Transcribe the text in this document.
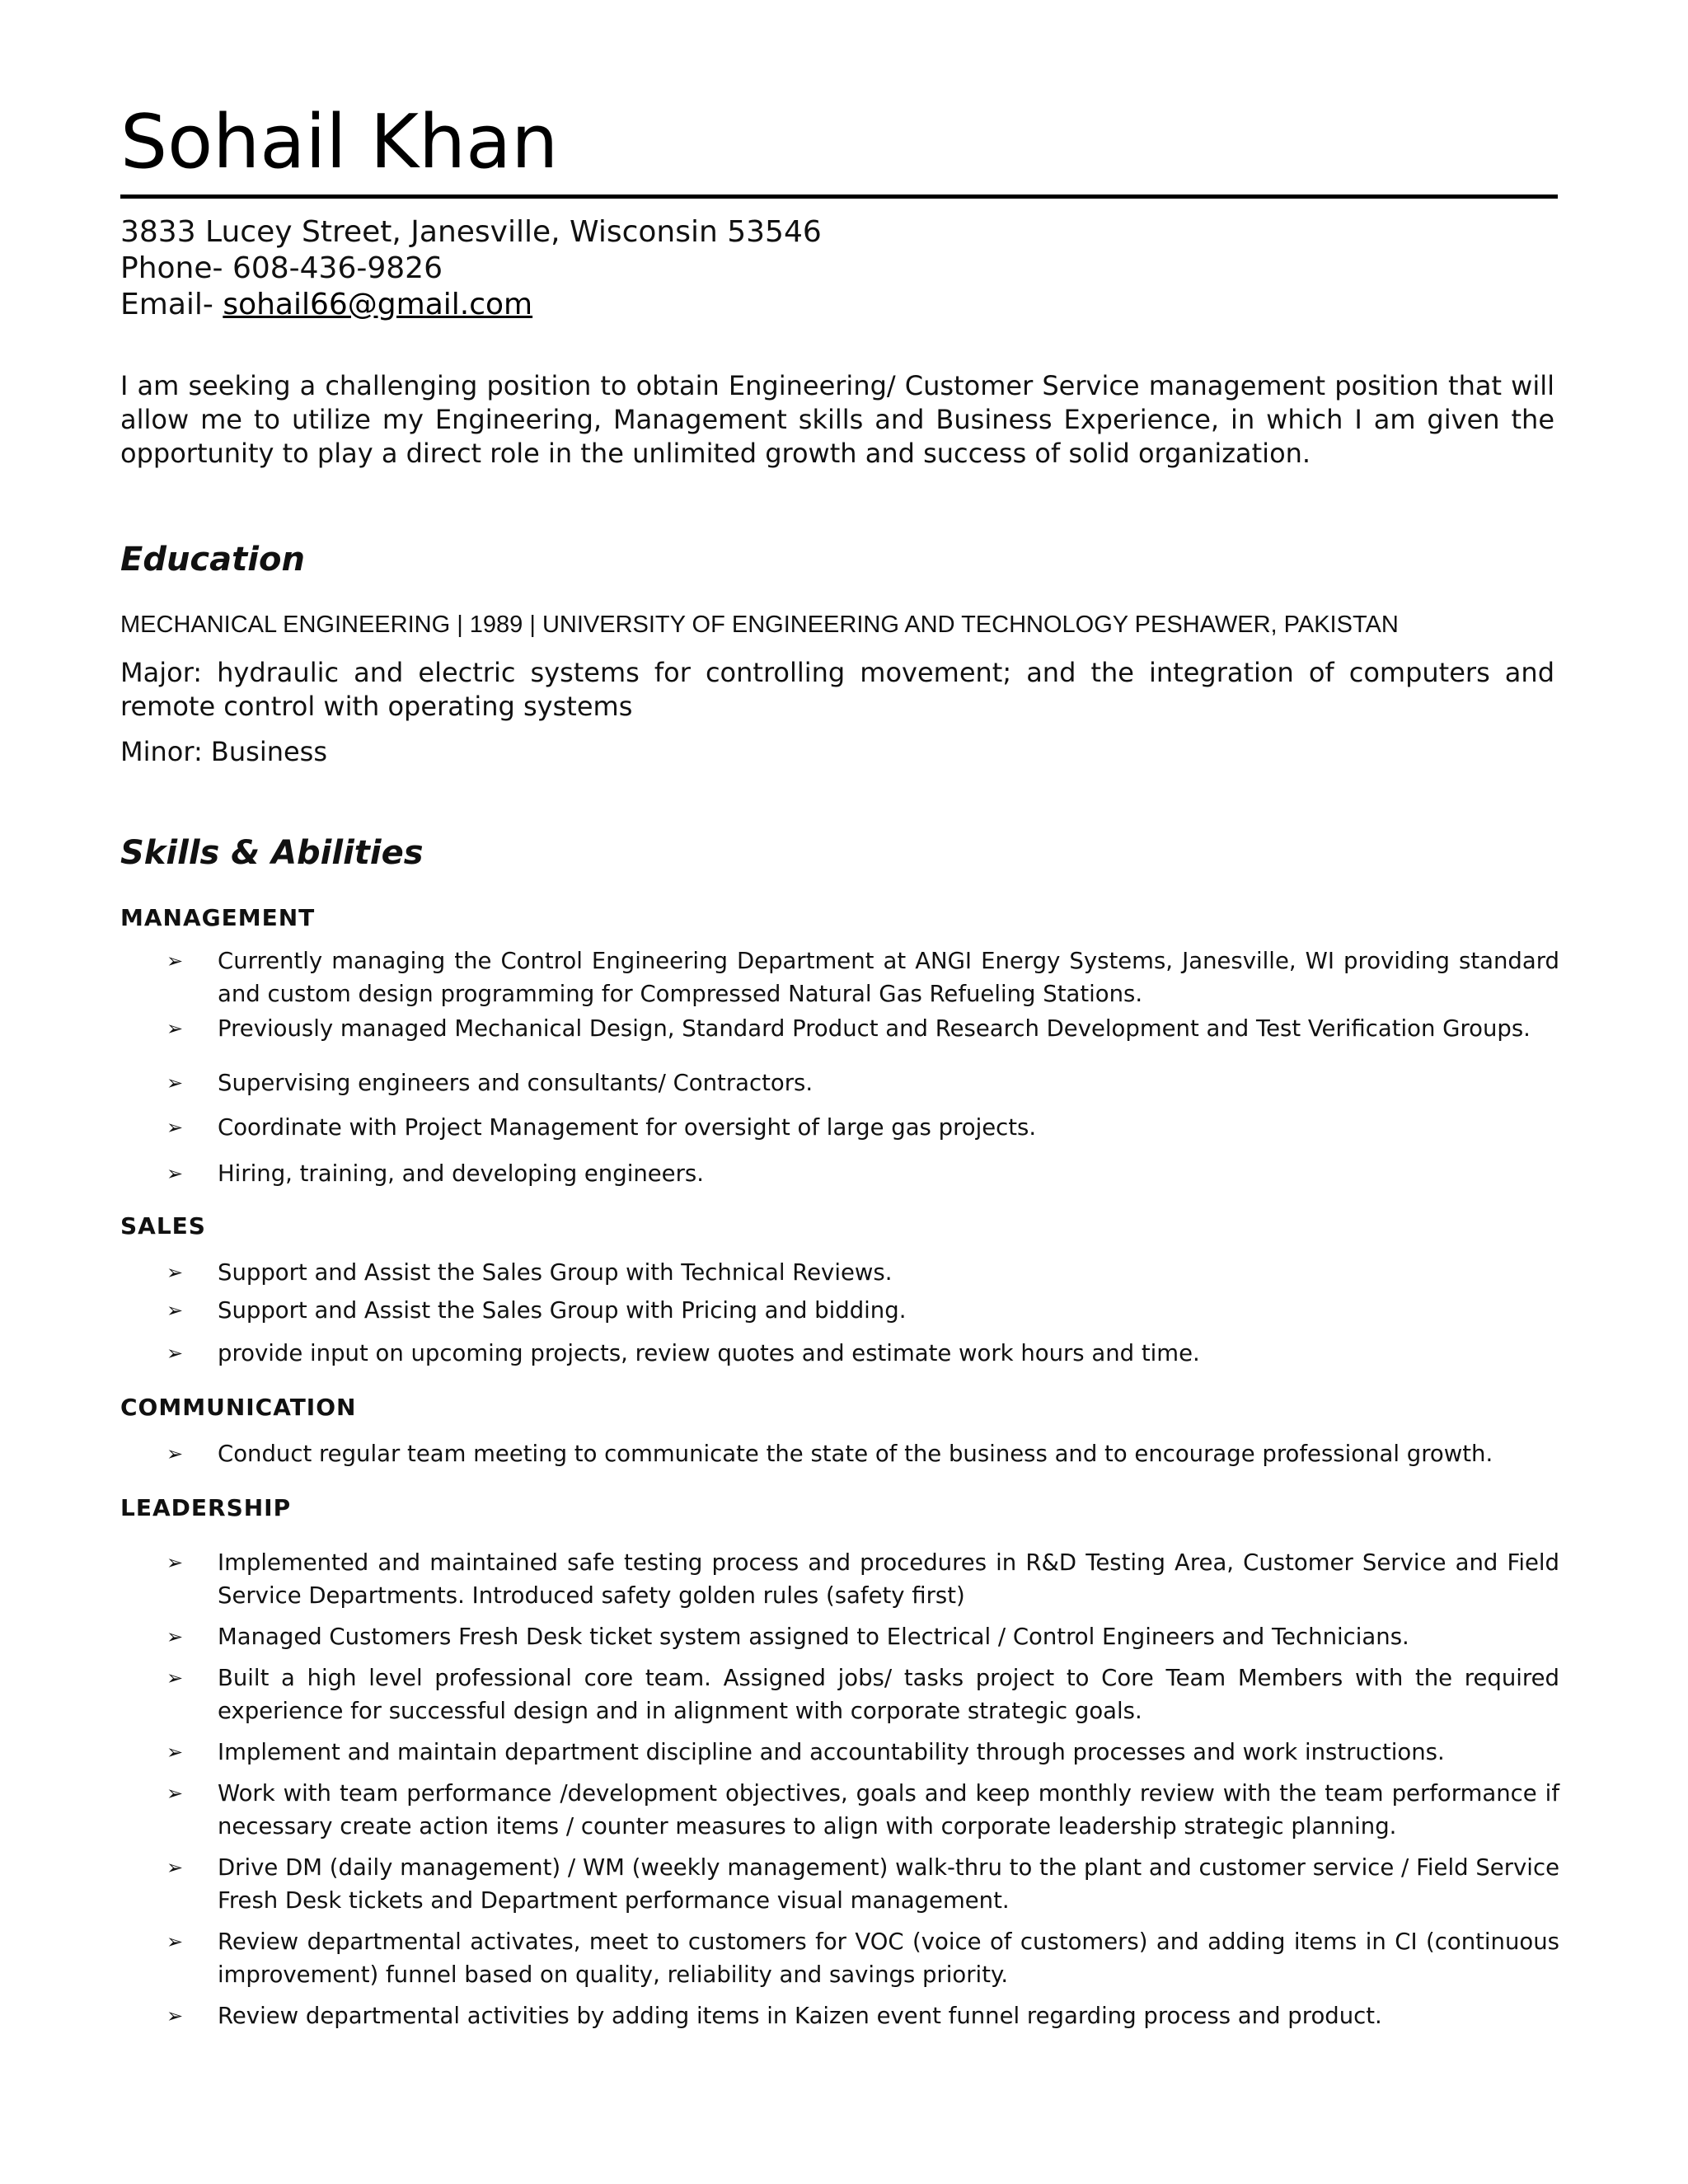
Sohail Khan
3833 Lucey Street, Janesville, Wisconsin 53546
Phone- 608-436-9826
Email- sohail66@gmail.com
I am seeking a challenging position to obtain Engineering/ Customer Service management position that will allow me to utilize my Engineering, Management skills and Business Experience, in which I am given the opportunity to play a direct role in the unlimited growth and success of solid organization.
Education
MECHANICAL ENGINEERING | 1989 | UNIVERSITY OF ENGINEERING AND TECHNOLOGY PESHAWER, PAKISTAN
Major: hydraulic and electric systems for controlling movement; and the integration of computers and remote control with operating systems
Minor: Business
Skills & Abilities
MANAGEMENT
➢	Currently managing the Control Engineering Department at ANGI Energy Systems, Janesville, WI providing standard and custom design programming for Compressed Natural Gas Refueling Stations.
➢	Previously managed Mechanical Design, Standard Product and Research Development and Test Verification Groups.
➢	Supervising engineers and consultants/ Contractors.
➢	Coordinate with Project Management for oversight of large gas projects.
➢	Hiring, training, and developing engineers.
SALES
➢	Support and Assist the Sales Group with Technical Reviews.
➢	Support and Assist the Sales Group with Pricing and bidding.
➢	provide input on upcoming projects, review quotes and estimate work hours and time.
COMMUNICATION
➢	Conduct regular team meeting to communicate the state of the business and to encourage professional growth.
LEADERSHIP
➢	Implemented and maintained safe testing process and procedures in R&D Testing Area, Customer Service and Field Service Departments. Introduced safety golden rules (safety first)
➢	Managed Customers Fresh Desk ticket system assigned to Electrical / Control Engineers and Technicians.
➢	Built a high level professional core team. Assigned jobs/ tasks project to Core Team Members with the required experience for successful design and in alignment with corporate strategic goals.
➢	Implement and maintain department discipline and accountability through processes and work instructions.
➢	Work with team performance /development objectives, goals and keep monthly review with the team performance if necessary create action items / counter measures to align with corporate leadership strategic planning.
➢	Drive DM (daily management) / WM (weekly management) walk-thru to the plant and customer service / Field Service Fresh Desk tickets and Department performance visual management.
➢	Review departmental activates, meet to customers for VOC (voice of customers) and adding items in CI (continuous improvement) funnel based on quality, reliability and savings priority.
➢	Review departmental activities by adding items in Kaizen event funnel regarding process and product.
